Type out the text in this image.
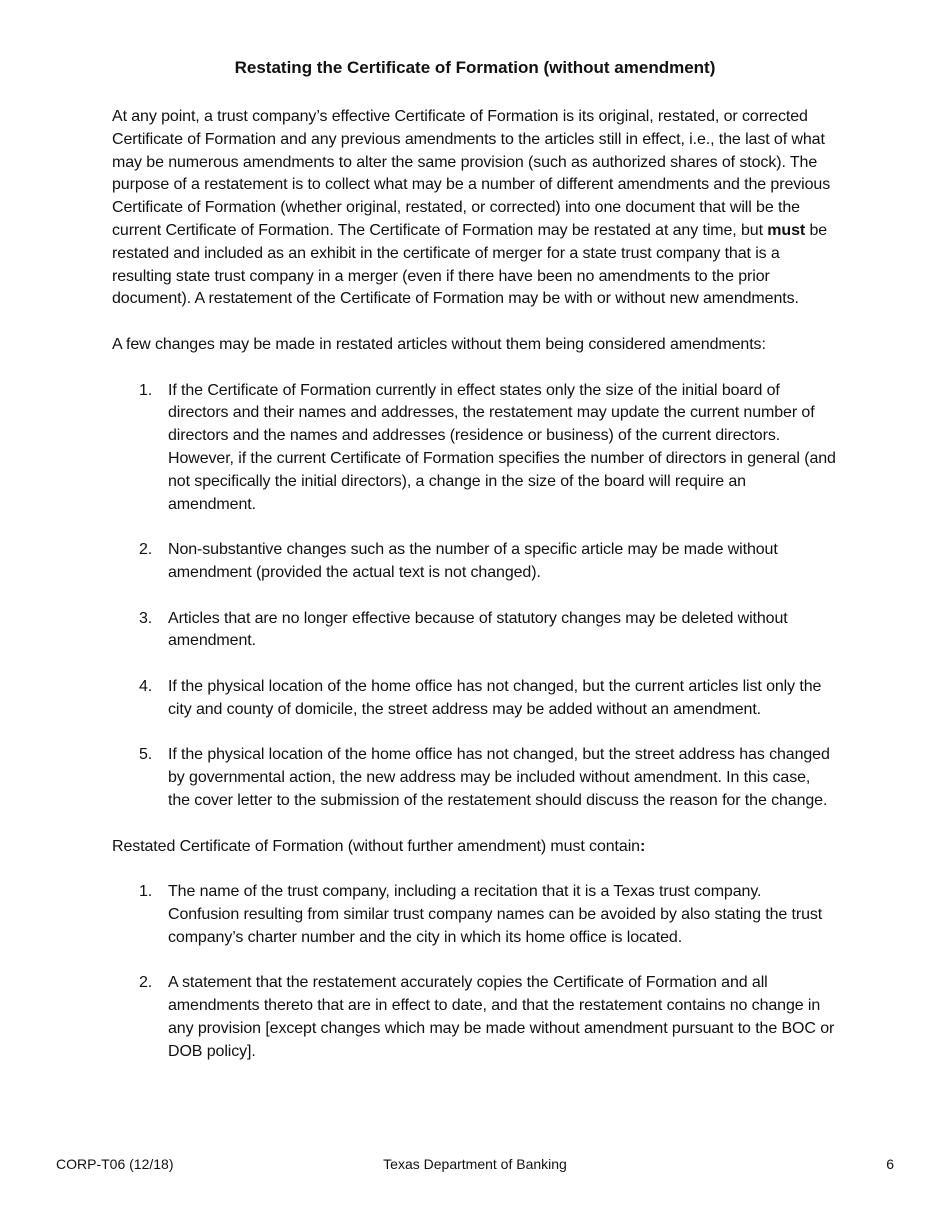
Restating the Certificate of Formation (without amendment)

At any point, a trust company’s effective Certificate of Formation is its original, restated, or corrected Certificate of Formation and any previous amendments to the articles still in effect, i.e., the last of what may be numerous amendments to alter the same provision (such as authorized shares of stock). The purpose of a restatement is to collect what may be a number of different amendments and the previous Certificate of Formation (whether original, restated, or corrected) into one document that will be the current Certificate of Formation. The Certificate of Formation may be restated at any time, but must be restated and included as an exhibit in the certificate of merger for a state trust company that is a resulting state trust company in a merger (even if there have been no amendments to the prior document). A restatement of the Certificate of Formation may be with or without new amendments.

A few changes may be made in restated articles without them being considered amendments:

1. If the Certificate of Formation currently in effect states only the size of the initial board of directors and their names and addresses, the restatement may update the current number of directors and the names and addresses (residence or business) of the current directors. However, if the current Certificate of Formation specifies the number of directors in general (and not specifically the initial directors), a change in the size of the board will require an amendment.
2. Non-substantive changes such as the number of a specific article may be made without amendment (provided the actual text is not changed).
3. Articles that are no longer effective because of statutory changes may be deleted without amendment.
4. If the physical location of the home office has not changed, but the current articles list only the city and county of domicile, the street address may be added without an amendment.
5. If the physical location of the home office has not changed, but the street address has changed by governmental action, the new address may be included without amendment. In this case, the cover letter to the submission of the restatement should discuss the reason for the change.

Restated Certificate of Formation (without further amendment) must contain:

1. The name of the trust company, including a recitation that it is a Texas trust company. Confusion resulting from similar trust company names can be avoided by also stating the trust company’s charter number and the city in which its home office is located.
2. A statement that the restatement accurately copies the Certificate of Formation and all amendments thereto that are in effect to date, and that the restatement contains no change in any provision [except changes which may be made without amendment pursuant to the BOC or DOB policy].
CORP-T06 (12/18)	Texas Department of Banking	6
